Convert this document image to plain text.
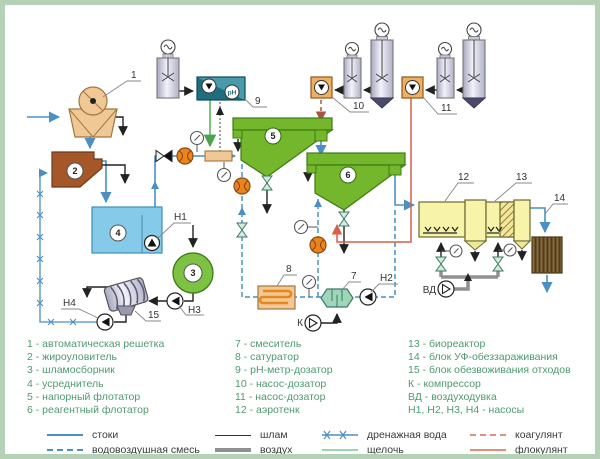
2
4
5
6
3
pH
1
9	10	11
12	13
14
15
8
7
Н1
Н2
Н3
Н4
К
ВД
1 - автоматическая решетка
2 - жироуловитель
3 - шламосборник
4 - усреднитель
5 - напорный флотатор
6 - реагентный флотатор
7 - смеситель
8 - сатуратор
9 - pH-метр-дозатор
10 - насос-дозатор
11 - насос-дозатор
12 - аэротенк
13 - биореактор
14 - блок УФ-обеззараживания
15 - блок обезвоживания отходов
К - компрессор
ВД - воздуходувка
Н1, Н2, Н3, Н4 - насосы
стоки	шлам	дренажная вода	коагулянт
водовоздушная смесь	воздух	щелочь	флокулянт
